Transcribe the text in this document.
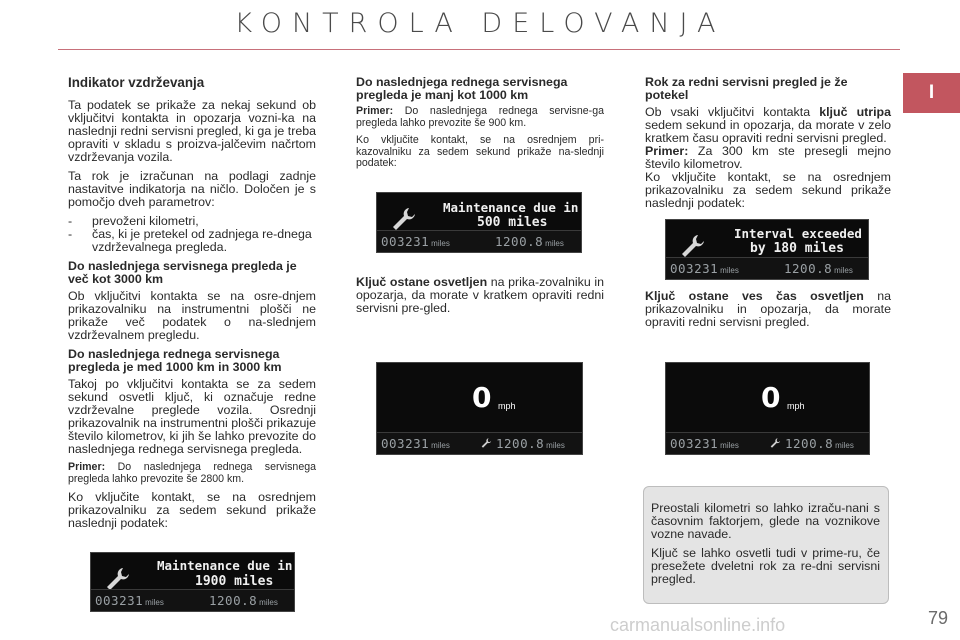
KONTROLA DELOVANJA
I
Indikator vzdrževanja

Ta podatek se prikaže za nekaj sekund ob vključitvi kontakta in opozarja vozni-ka na naslednji redni servisni pregled, ki ga je treba opraviti v skladu s proizva-jalčevim načrtom vzdrževanja vozila.

Ta rok je izračunan na podlagi zadnje nastavitve indikatorja na ničlo. Določen je s pomočjo dveh parametrov:

-	prevoženi kilometri,
-	čas, ki je pretekel od zadnjega re-dnega vzdrževalnega pregleda.
Do naslednjega servisnega pregleda je več kot 3000 km

Ob vključitvi kontakta se na osre-dnjem prikazovalniku na instrumentni plošči ne prikaže več podatek o na-slednjem vzdrževalnem pregledu.

Do naslednjega rednega servisnega pregleda je med 1000 km in 3000 km

Takoj po vključitvi kontakta se za sedem sekund osvetli ključ, ki označuje redne vzdrževalne preglede vozila. Osrednji prikazovalnik na instrumentni plošči prikazuje število kilometrov, ki jih še lahko prevozite do naslednjega rednega servisnega pregleda.

Primer: Do naslednjega rednega servisnega pregleda lahko prevozite še 2800 km.

Ko vključite kontakt, se na osrednjem prikazovalniku za sedem sekund prikaže naslednji podatek:

Do naslednjega rednega servisnega pregleda je manj kot 1000 km

Primer: Do naslednjega rednega servisne-ga pregleda lahko prevozite še 900 km.

Ko vključite kontakt, se na osrednjem pri-kazovalniku za sedem sekund prikaže na-slednji podatek:

Ključ ostane osvetljen na prika-zovalniku in opozarja, da morate v kratkem opraviti redni servisni pre-gled.

Rok za redni servisni pregled je že potekel

Ob vsaki vključitvi kontakta ključ utripa sedem sekund in opozarja, da morate v zelo kratkem času opraviti redni servisni pregled.
Primer: Za 300 km ste presegli mejno število kilometrov.
Ko vključite kontakt, se na osrednjem prikazovalniku za sedem sekund prikaže naslednji podatek:

Ključ ostane ves čas osvetljen na prikazovalniku in opozarja, da morate opraviti redni servisni pregled.

Maintenance due in
1900 miles
003231 miles	1200.8 miles
Maintenance due in
500 miles
003231 miles	1200.8 miles
Interval exceeded
by 180 miles
003231 miles	1200.8 miles
0 mph
003231 miles	1200.8 miles
0 mph
003231 miles	1200.8 miles

Preostali kilometri so lahko izraču-nani s časovnim faktorjem, glede na voznikove vozne navade.

Ključ se lahko osvetli tudi v prime-ru, če presežete dveletni rok za re-dni servisni pregled.

carmanualsonline.info	79
